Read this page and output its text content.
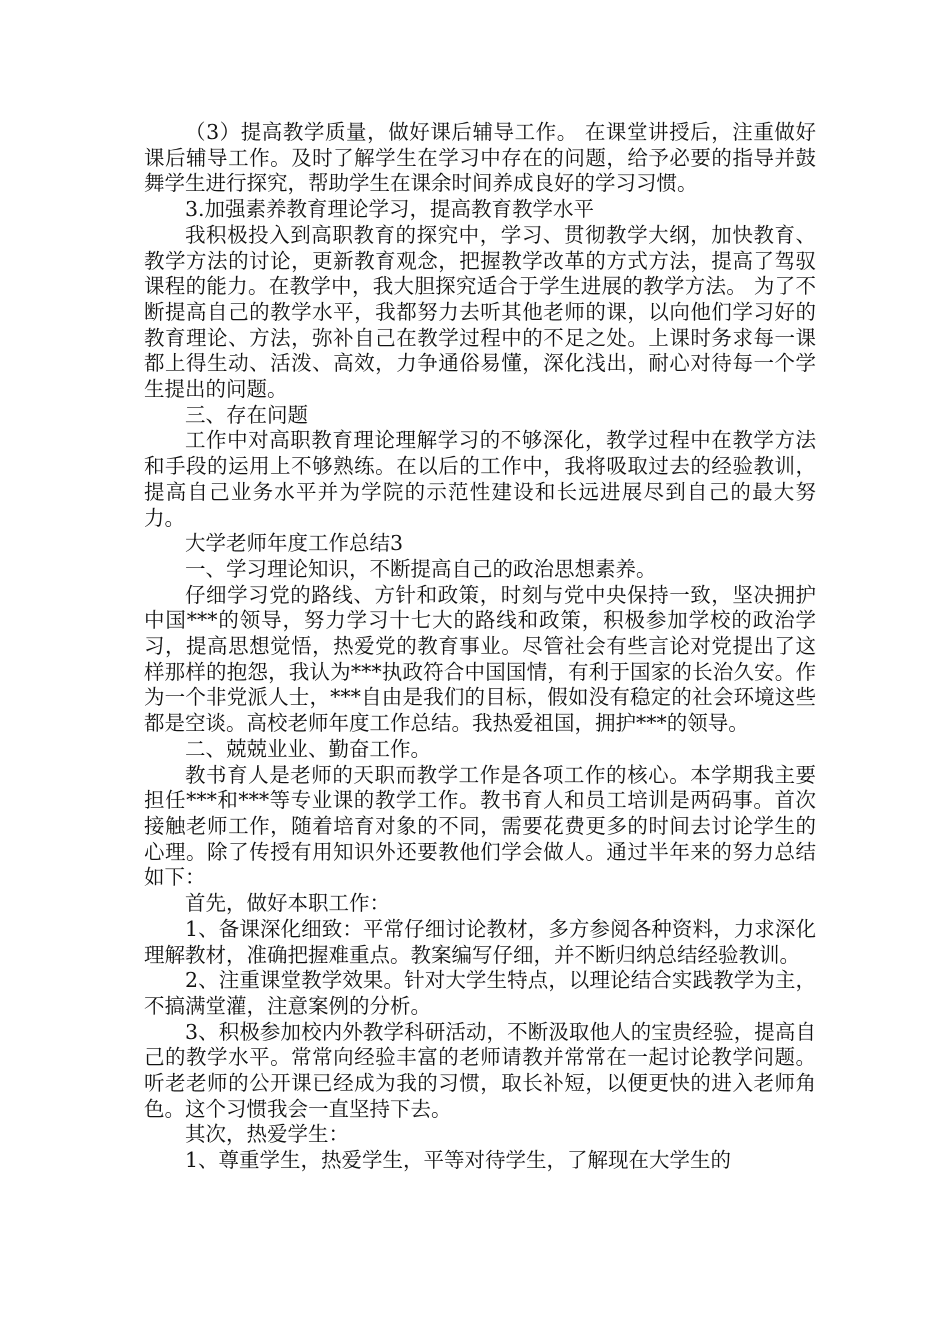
（3）提高教学质量，做好课后辅导工作。 在课堂讲授后，注重做好课后辅导工作。及时了解学生在学习中存在的问题，给予必要的指导并鼓舞学生进行探究，帮助学生在课余时间养成良好的学习习惯。

3.加强素养教育理论学习，提高教育教学水平

我积极投入到高职教育的探究中，学习、贯彻教学大纲，加快教育、教学方法的讨论，更新教育观念，把握教学改革的方式方法，提高了驾驭课程的能力。在教学中，我大胆探究适合于学生进展的教学方法。 为了不断提高自己的教学水平，我都努力去听其他老师的课，以向他们学习好的教育理论、方法，弥补自己在教学过程中的不足之处。上课时务求每一课都上得生动、活泼、高效，力争通俗易懂，深化浅出，耐心对待每一个学生提出的问题。

三、存在问题

工作中对高职教育理论理解学习的不够深化，教学过程中在教学方法和手段的运用上不够熟练。在以后的工作中，我将吸取过去的经验教训，提高自己业务水平并为学院的示范性建设和长远进展尽到自己的最大努力。

大学老师年度工作总结3

一、学习理论知识，不断提高自己的政治思想素养。

仔细学习党的路线、方针和政策，时刻与党中央保持一致，坚决拥护中国***的领导，努力学习十七大的路线和政策，积极参加学校的政治学习，提高思想觉悟，热爱党的教育事业。尽管社会有些言论对党提出了这样那样的抱怨，我认为***执政符合中国国情，有利于国家的长治久安。作为一个非党派人士，***自由是我们的目标，假如没有稳定的社会环境这些都是空谈。高校老师年度工作总结。我热爱祖国，拥护***的领导。

二、兢兢业业、勤奋工作。

教书育人是老师的天职而教学工作是各项工作的核心。本学期我主要担任***和***等专业课的教学工作。教书育人和员工培训是两码事。首次接触老师工作，随着培育对象的不同，需要花费更多的时间去讨论学生的心理。除了传授有用知识外还要教他们学会做人。通过半年来的努力总结如下：

首先，做好本职工作：

1、备课深化细致：平常仔细讨论教材，多方参阅各种资料，力求深化理解教材，准确把握难重点。教案编写仔细，并不断归纳总结经验教训。

2、注重课堂教学效果。针对大学生特点，以理论结合实践教学为主，不搞满堂灌，注意案例的分析。

3、积极参加校内外教学科研活动，不断汲取他人的宝贵经验，提高自己的教学水平。常常向经验丰富的老师请教并常常在一起讨论教学问题。听老老师的公开课已经成为我的习惯，取长补短，以便更快的进入老师角色。这个习惯我会一直坚持下去。

其次，热爱学生：

1、尊重学生，热爱学生，平等对待学生，了解现在大学生的
